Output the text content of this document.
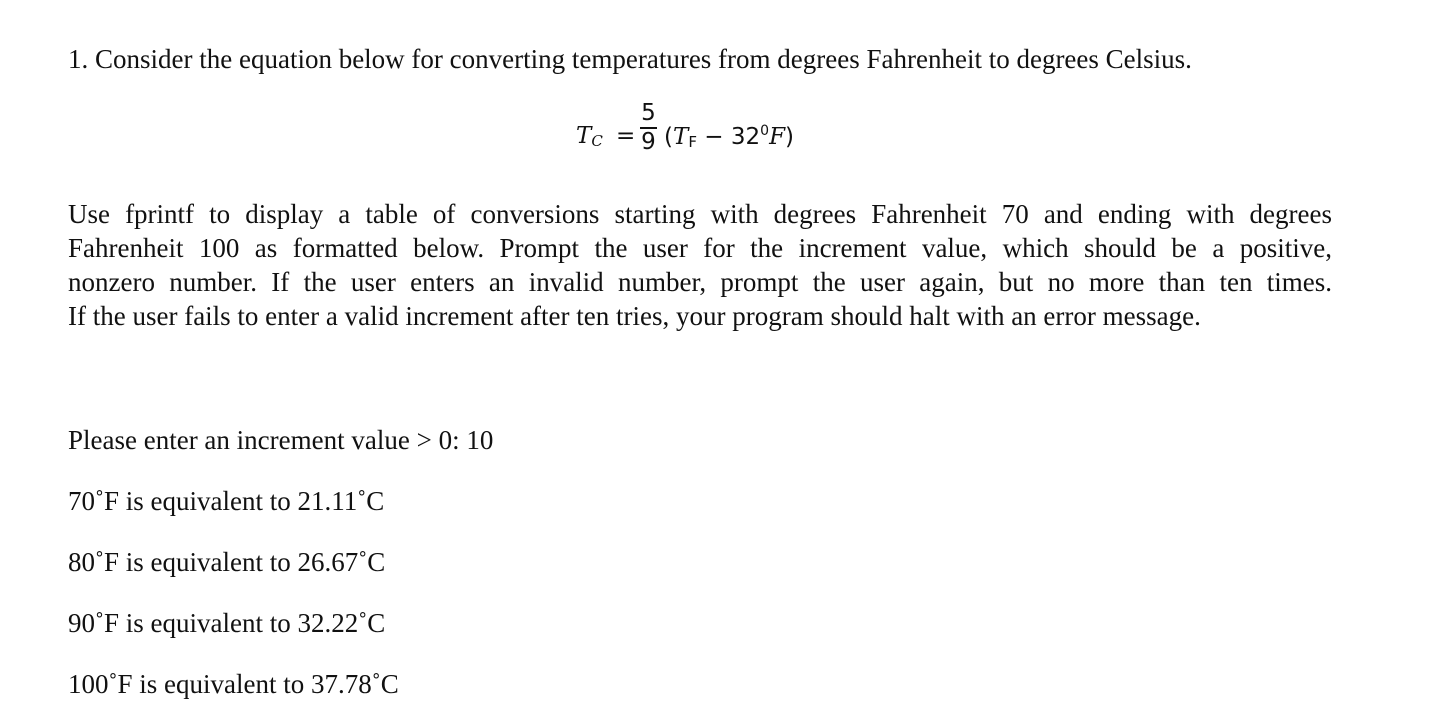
1. Consider the equation below for converting temperatures from degrees Fahrenheit to degrees Celsius.
$T_C$ =
5
9 $(T_F - 32^0F)$
Use fprintf to display a table of conversions starting with degrees Fahrenheit 70 and ending with degrees
Fahrenheit 100 as formatted below. Prompt the user for the increment value, which should be a positive,
nonzero number. If the user enters an invalid number, prompt the user again, but no more than ten times.
If the user fails to enter a valid increment after ten tries, your program should halt with an error message.
Please enter an increment value > 0: 10
70˚F is equivalent to 21.11˚C
80˚F is equivalent to 26.67˚C
90˚F is equivalent to 32.22˚C
100˚F is equivalent to 37.78˚C
